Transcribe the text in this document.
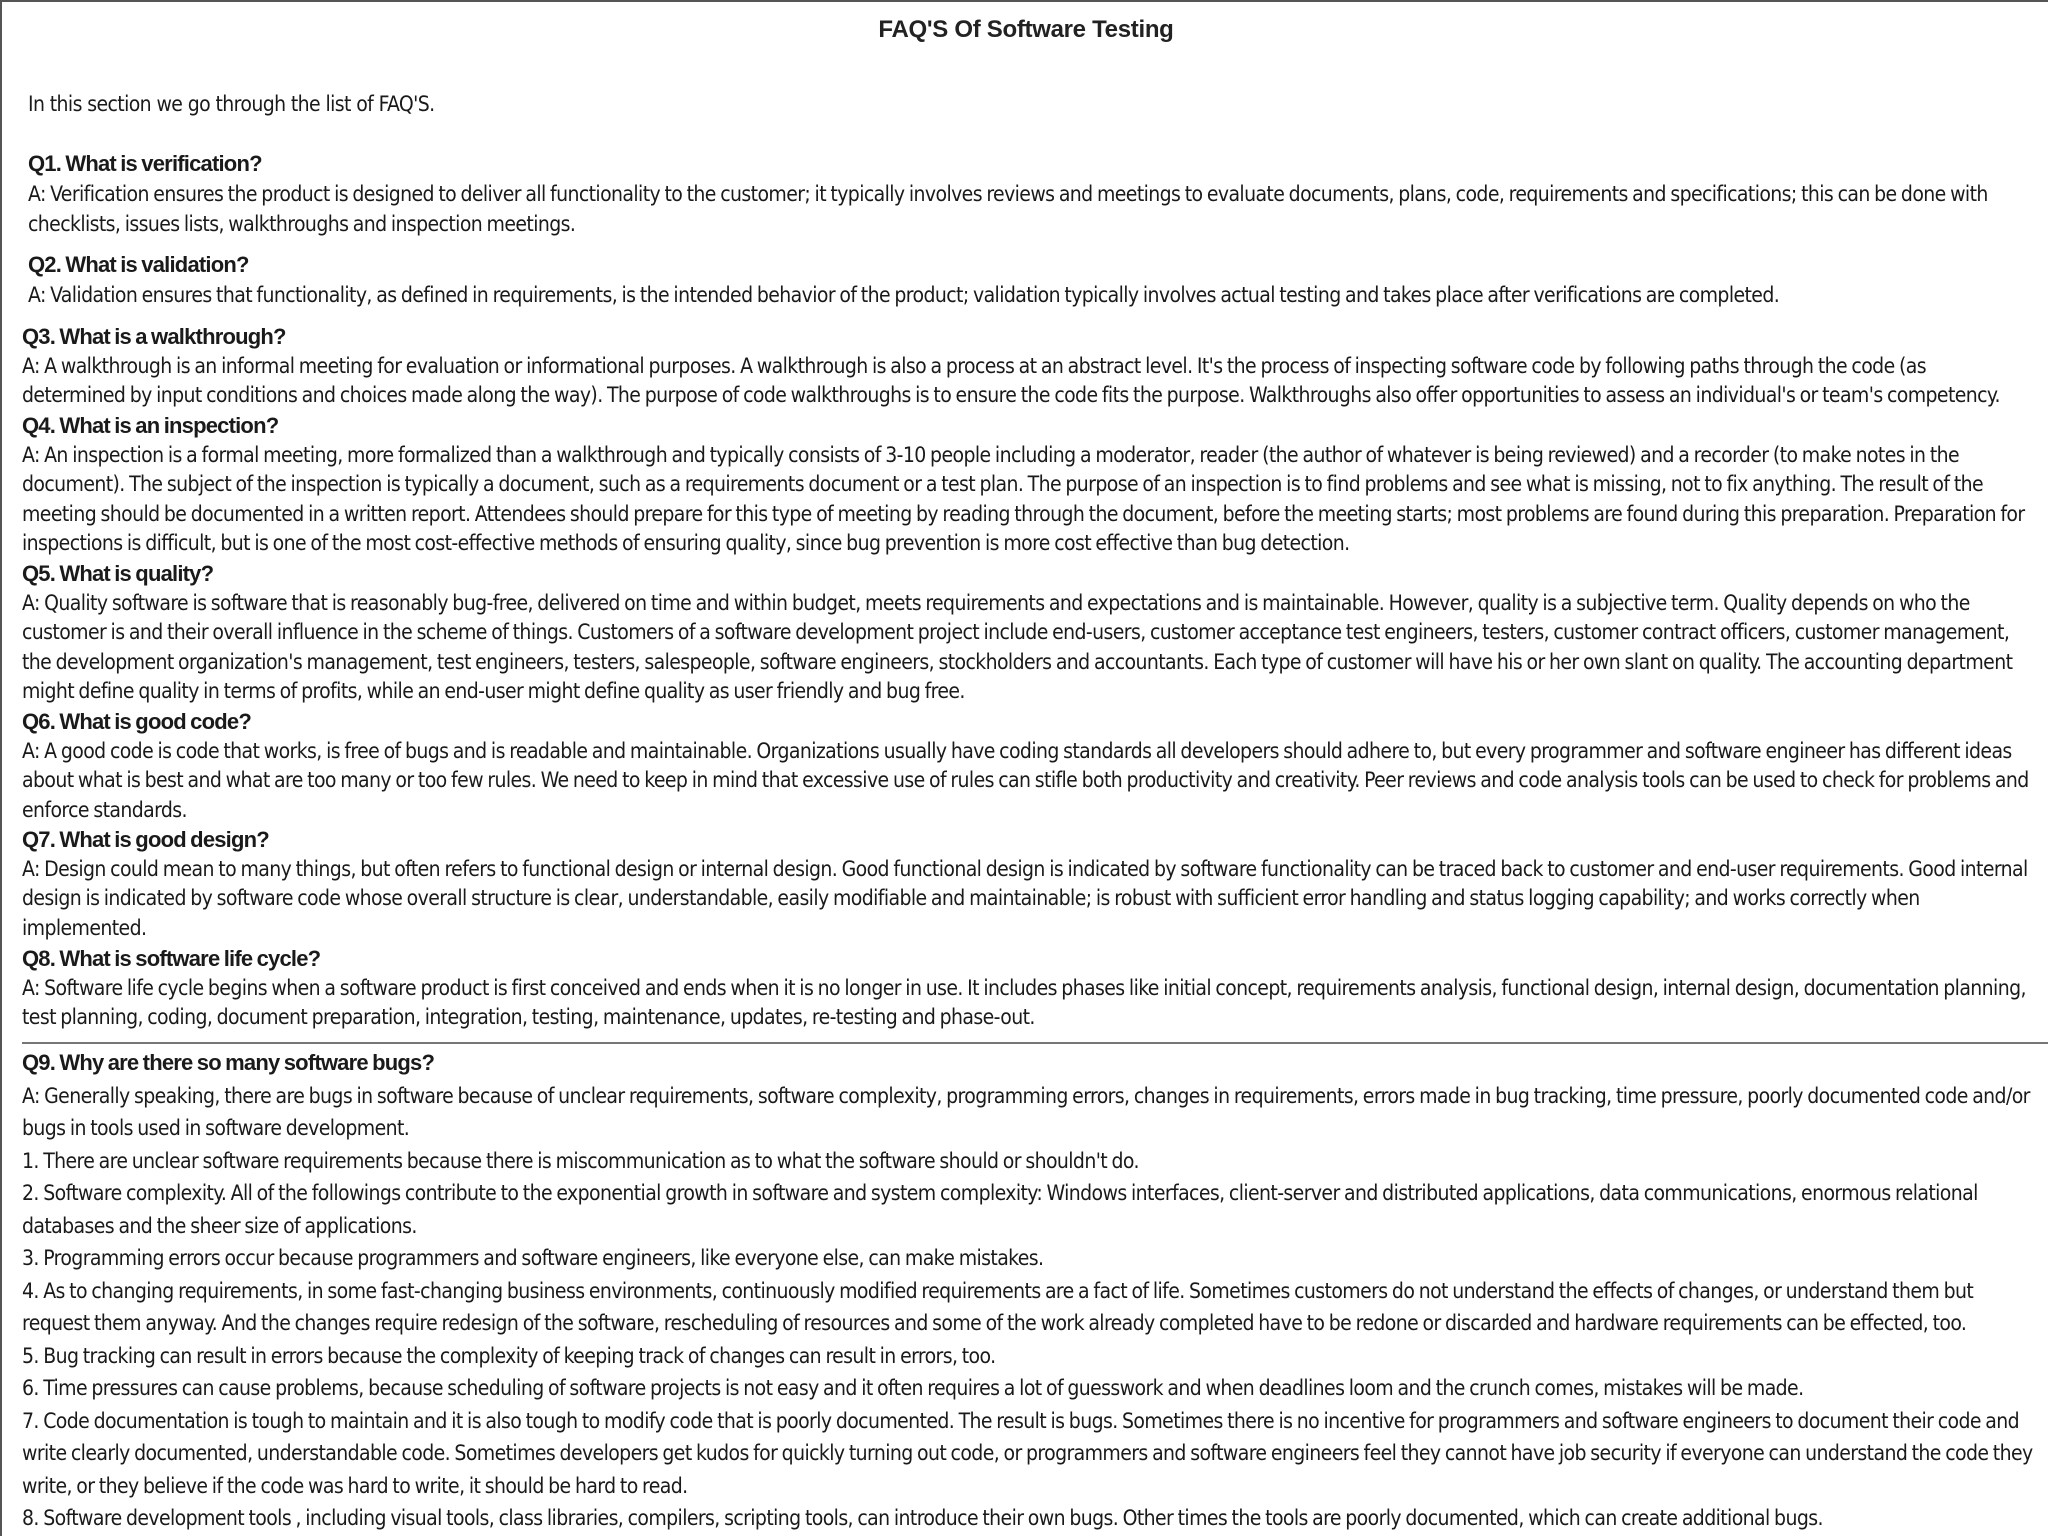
FAQ'S Of Software Testing
In this section we go through the list of FAQ'S.
Q1. What is verification?
A: Verification ensures the product is designed to deliver all functionality to the customer; it typically involves reviews and meetings to evaluate documents, plans, code, requirements and specifications; this can be done with checklists, issues lists, walkthroughs and inspection meetings.
Q2. What is validation?
A: Validation ensures that functionality, as defined in requirements, is the intended behavior of the product; validation typically involves actual testing and takes place after verifications are completed.
Q3. What is a walkthrough?
A: A walkthrough is an informal meeting for evaluation or informational purposes. A walkthrough is also a process at an abstract level. It's the process of inspecting software code by following paths through the code (as determined by input conditions and choices made along the way). The purpose of code walkthroughs is to ensure the code fits the purpose. Walkthroughs also offer opportunities to assess an individual's or team's competency.
Q4. What is an inspection?
A: An inspection is a formal meeting, more formalized than a walkthrough and typically consists of 3-10 people including a moderator, reader (the author of whatever is being reviewed) and a recorder (to make notes in the document). The subject of the inspection is typically a document, such as a requirements document or a test plan. The purpose of an inspection is to find problems and see what is missing, not to fix anything. The result of the meeting should be documented in a written report. Attendees should prepare for this type of meeting by reading through the document, before the meeting starts; most problems are found during this preparation. Preparation for inspections is difficult, but is one of the most cost-effective methods of ensuring quality, since bug prevention is more cost effective than bug detection.
Q5. What is quality?
A: Quality software is software that is reasonably bug-free, delivered on time and within budget, meets requirements and expectations and is maintainable. However, quality is a subjective term. Quality depends on who the customer is and their overall influence in the scheme of things. Customers of a software development project include end-users, customer acceptance test engineers, testers, customer contract officers, customer management, the development organization's management, test engineers, testers, salespeople, software engineers, stockholders and accountants. Each type of customer will have his or her own slant on quality. The accounting department might define quality in terms of profits, while an end-user might define quality as user friendly and bug free.
Q6. What is good code?
A: A good code is code that works, is free of bugs and is readable and maintainable. Organizations usually have coding standards all developers should adhere to, but every programmer and software engineer has different ideas about what is best and what are too many or too few rules. We need to keep in mind that excessive use of rules can stifle both productivity and creativity. Peer reviews and code analysis tools can be used to check for problems and enforce standards.
Q7. What is good design?
A: Design could mean to many things, but often refers to functional design or internal design. Good functional design is indicated by software functionality can be traced back to customer and end-user requirements. Good internal design is indicated by software code whose overall structure is clear, understandable, easily modifiable and maintainable; is robust with sufficient error handling and status logging capability; and works correctly when implemented.
Q8. What is software life cycle?
A: Software life cycle begins when a software product is first conceived and ends when it is no longer in use. It includes phases like initial concept, requirements analysis, functional design, internal design, documentation planning, test planning, coding, document preparation, integration, testing, maintenance, updates, re-testing and phase-out.
Q9. Why are there so many software bugs?
A: Generally speaking, there are bugs in software because of unclear requirements, software complexity, programming errors, changes in requirements, errors made in bug tracking, time pressure, poorly documented code and/or bugs in tools used in software development.
1. There are unclear software requirements because there is miscommunication as to what the software should or shouldn't do.
2. Software complexity. All of the followings contribute to the exponential growth in software and system complexity: Windows interfaces, client-server and distributed applications, data communications, enormous relational databases and the sheer size of applications.
3. Programming errors occur because programmers and software engineers, like everyone else, can make mistakes.
4. As to changing requirements, in some fast-changing business environments, continuously modified requirements are a fact of life. Sometimes customers do not understand the effects of changes, or understand them but request them anyway. And the changes require redesign of the software, rescheduling of resources and some of the work already completed have to be redone or discarded and hardware requirements can be effected, too.
5. Bug tracking can result in errors because the complexity of keeping track of changes can result in errors, too.
6. Time pressures can cause problems, because scheduling of software projects is not easy and it often requires a lot of guesswork and when deadlines loom and the crunch comes, mistakes will be made.
7. Code documentation is tough to maintain and it is also tough to modify code that is poorly documented. The result is bugs. Sometimes there is no incentive for programmers and software engineers to document their code and write clearly documented, understandable code. Sometimes developers get kudos for quickly turning out code, or programmers and software engineers feel they cannot have job security if everyone can understand the code they write, or they believe if the code was hard to write, it should be hard to read.
8. Software development tools , including visual tools, class libraries, compilers, scripting tools, can introduce their own bugs. Other times the tools are poorly documented, which can create additional bugs.
